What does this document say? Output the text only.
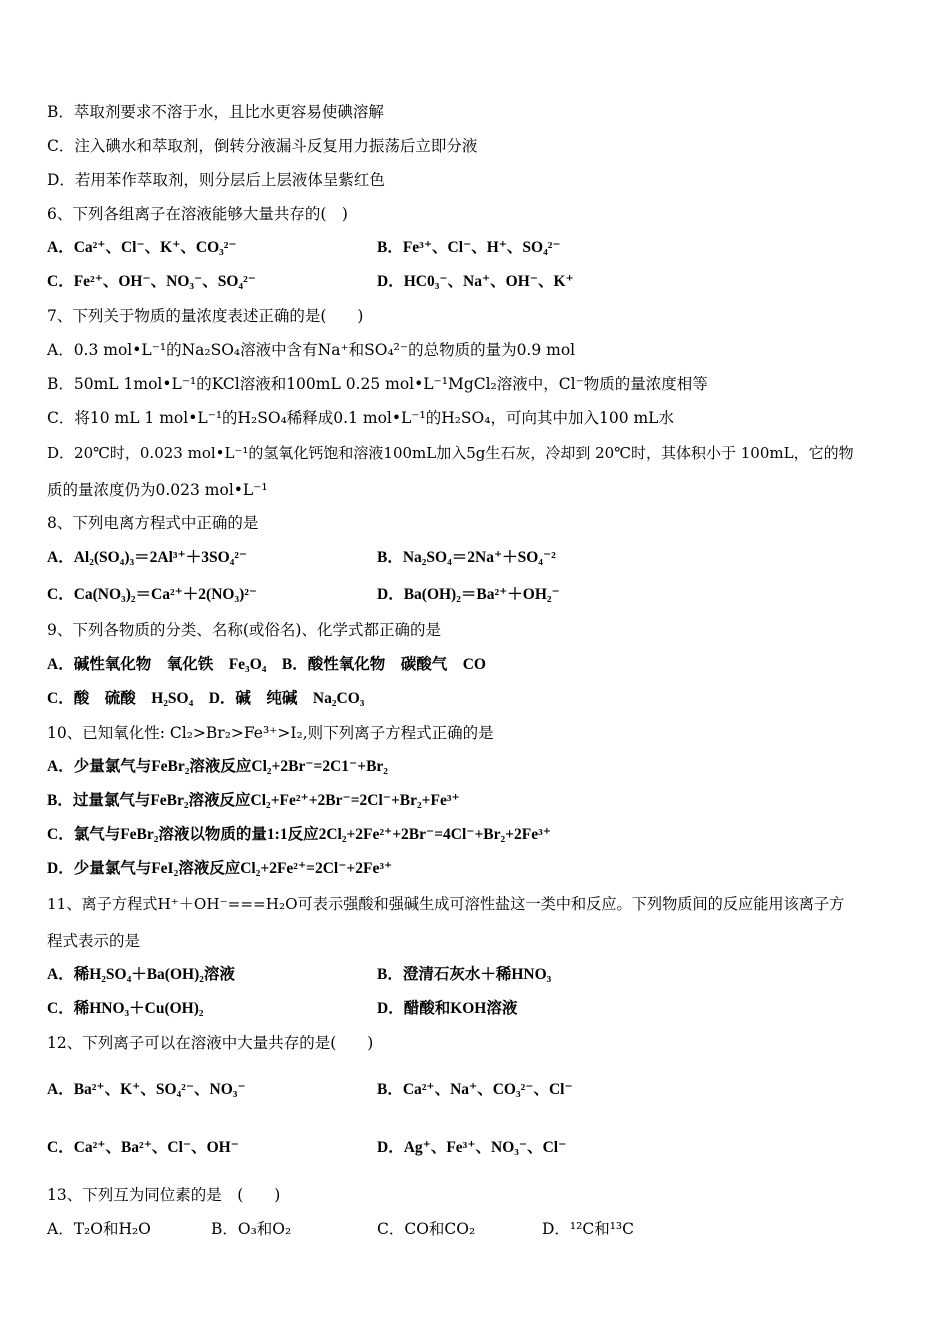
B．萃取剂要求不溶于水，且比水更容易使碘溶解
C．注入碘水和萃取剂，倒转分液漏斗反复用力振荡后立即分液
D．若用苯作萃取剂，则分层后上层液体呈紫红色
6、下列各组离子在溶液能够大量共存的(　)
A．Ca²⁺、Cl⁻、K⁺、CO₃²⁻	B．Fe³⁺、Cl⁻、H⁺、SO₄²⁻
C．Fe²⁺、OH⁻、NO₃⁻、SO₄²⁻	D．HC0₃⁻、Na⁺、OH⁻、K⁺
7、下列关于物质的量浓度表述正确的是(　　)
A．0.3 mol•L⁻¹的Na₂SO₄溶液中含有Na⁺和SO₄²⁻的总物质的量为0.9 mol
B．50mL 1mol•L⁻¹的KCl溶液和100mL 0.25 mol•L⁻¹MgCl₂溶液中，Cl⁻物质的量浓度相等
C．将10 mL 1 mol•L⁻¹的H₂SO₄稀释成0.1 mol•L⁻¹的H₂SO₄，可向其中加入100 mL水
D．20℃时，0.023 mol•L⁻¹的氢氧化钙饱和溶液100mL加入5g生石灰，冷却到 20℃时，其体积小于 100mL，它的物
质的量浓度仍为0.023 mol•L⁻¹
8、下列电离方程式中正确的是
A．Al₂(SO₄)₃＝2Al³⁺＋3SO₄²⁻	B．Na₂SO₄＝2Na⁺＋SO₄⁻²
C．Ca(NO₃)₂＝Ca²⁺＋2(NO₃)²⁻	D．Ba(OH)₂＝Ba²⁺＋OH₂⁻
9、下列各物质的分类、名称(或俗名)、化学式都正确的是
A．碱性氧化物　氧化铁　Fe₃O₄　B．酸性氧化物　碳酸气　CO
C．酸　硫酸　H₂SO₄　D．碱　纯碱　Na₂CO₃
10、已知氧化性: Cl₂>Br₂>Fe³⁺>I₂,则下列离子方程式正确的是
A．少量氯气与FeBr₂溶液反应Cl₂+2Br⁻=2C1⁻+Br₂
B．过量氯气与FeBr₂溶液反应Cl₂+Fe²⁺+2Br⁻=2Cl⁻+Br₂+Fe³⁺
C．氯气与FeBr₂溶液以物质的量1:1反应2Cl₂+2Fe²⁺+2Br⁻=4Cl⁻+Br₂+2Fe³⁺
D．少量氯气与FeI₂溶液反应Cl₂+2Fe²⁺=2Cl⁻+2Fe³⁺
11、离子方程式H⁺＋OH⁻===H₂O可表示强酸和强碱生成可溶性盐这一类中和反应。下列物质间的反应能用该离子方
程式表示的是
A．稀H₂SO₄＋Ba(OH)₂溶液	B．澄清石灰水＋稀HNO₃
C．稀HNO₃＋Cu(OH)₂	D．醋酸和KOH溶液
12、下列离子可以在溶液中大量共存的是(　　)
A．Ba²⁺、K⁺、SO₄²⁻、NO₃⁻	B．Ca²⁺、Na⁺、CO₃²⁻、Cl⁻
C．Ca²⁺、Ba²⁺、Cl⁻、OH⁻	D．Ag⁺、Fe³⁺、NO₃⁻、Cl⁻
13、下列互为同位素的是　(　　)
A．T₂O和H₂O	B．O₃和O₂	C．CO和CO₂	D．¹²C和¹³C
